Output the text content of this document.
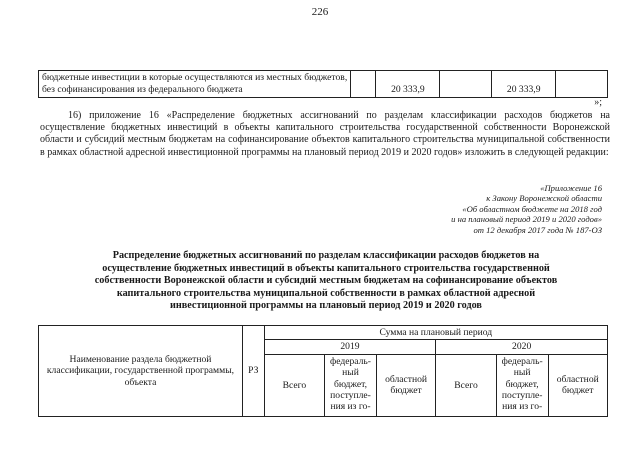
226
бюджетные инвестиции в которые осуществляются из местных бюджетов, без софинансирования из федерального бюджета		20 333,9		20 333,9	
»;

16) приложение 16 «Распределение бюджетных ассигнований по разделам классификации расходов бюджетов на осуществление бюджетных инвестиций в объекты капитального строительства государственной собственности Воронежской области и субсидий местным бюджетам на софинансирование объектов капитального строительства муниципальной собственности в рамках областной адресной инвестиционной программы на плановый период 2019 и 2020 годов» изложить в следующей редакции:

«Приложение 16
к Закону Воронежской области
«Об областном бюджете на 2018 год
и на плановый период 2019 и 2020 годов»
от 12 декабря 2017 года № 187-ОЗ
Распределение бюджетных ассигнований по разделам классификации расходов бюджетов на осуществление бюджетных инвестиций в объекты капитального строительства государственной собственности Воронежской области и субсидий местным бюджетам на софинансирование объектов капитального строительства муниципальной собственности в рамках областной адресной инвестиционной программы на плановый период 2019 и 2020 годов
Наименование раздела бюджетной классификации, государственной программы, объекта	РЗ	Сумма на плановый период					
		2019			2020		
		Всего	федераль-ный бюджет, поступле-ния из го-	областной бюджет	Всего	федераль-ный бюджет, поступле-ния из го-	областной бюджет
